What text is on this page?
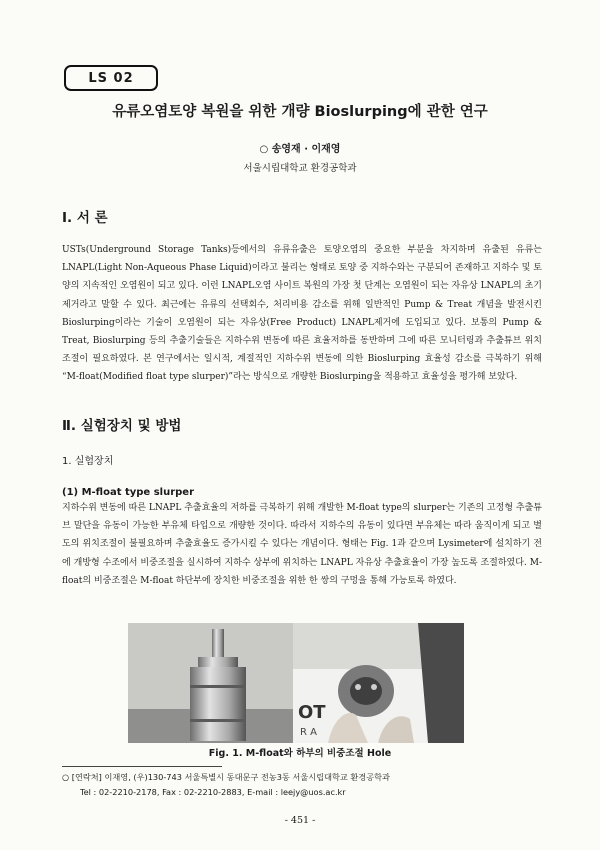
LS 02
유류오염토양 복원을 위한 개량 Bioslurping에 관한 연구
○ 송영재 · 이재영
서울시립대학교 환경공학과
Ⅰ. 서 론

USTs(Underground Storage Tanks)등에서의 유류유출은 토양오염의 중요한 부분을 차지하며 유출된 유류는 LNAPL(Light Non-Aqueous Phase Liquid)이라고 불리는 형태로 토양 중 지하수와는 구분되어 존재하고 지하수 및 토양의 지속적인 오염원이 되고 있다. 이런 LNAPL오염 사이트 복원의 가장 첫 단계는 오염원이 되는 자유상 LNAPL의 초기 제거라고 말할 수 있다. 최근에는 유류의 선택회수, 처리비용 감소를 위해 일반적인 Pump & Treat 개념을 발전시킨 Bioslurping이라는 기술이 오염원이 되는 자유상(Free Product) LNAPL제거에 도입되고 있다. 보통의 Pump & Treat, Bioslurping 등의 추출기술들은 지하수위 변동에 따른 효율저하를 동반하며 그에 따른 모니터링과 추출튜브 위치조절이 필요하였다. 본 연구에서는 일시적, 계절적인 지하수위 변동에 의한 Bioslurping 효율성 감소를 극복하기 위해 “M-float(Modified float type slurper)”라는 방식으로 개량한 Bioslurping을 적용하고 효율성을 평가해 보았다.

Ⅱ. 실험장치 및 방법
1. 실험장치
(1) M-float type slurper

지하수위 변동에 따른 LNAPL 추출효율의 저하를 극복하기 위해 개발한 M-float type의 slurper는 기존의 고정형 추출튜브 말단을 유동이 가능한 부유체 타입으로 개량한 것이다. 따라서 지하수의 유동이 있다면 부유체는 따라 움직이게 되고 별도의 위치조절이 불필요하며 추출효율도 증가시킬 수 있다는 개념이다. 형태는 Fig. 1과 같으며 Lysimeter에 설치하기 전에 개방형 수조에서 비중조절을 실시하여 지하수 상부에 위치하는 LNAPL 자유상 추출효율이 가장 높도록 조절하였다. M-float의 비중조절은 M-float 하단부에 장치한 비중조절을 위한 한 쌍의 구멍을 통해 가능토록 하였다.

OT
R A
Fig. 1. M-float와 하부의 비중조절 Hole
○ [연락처] 이재영, (우)130-743 서울특별시 동대문구 전농3동 서울시립대학교 환경공학과
Tel : 02-2210-2178, Fax : 02-2210-2883, E-mail : leejy@uos.ac.kr
- 451 -
